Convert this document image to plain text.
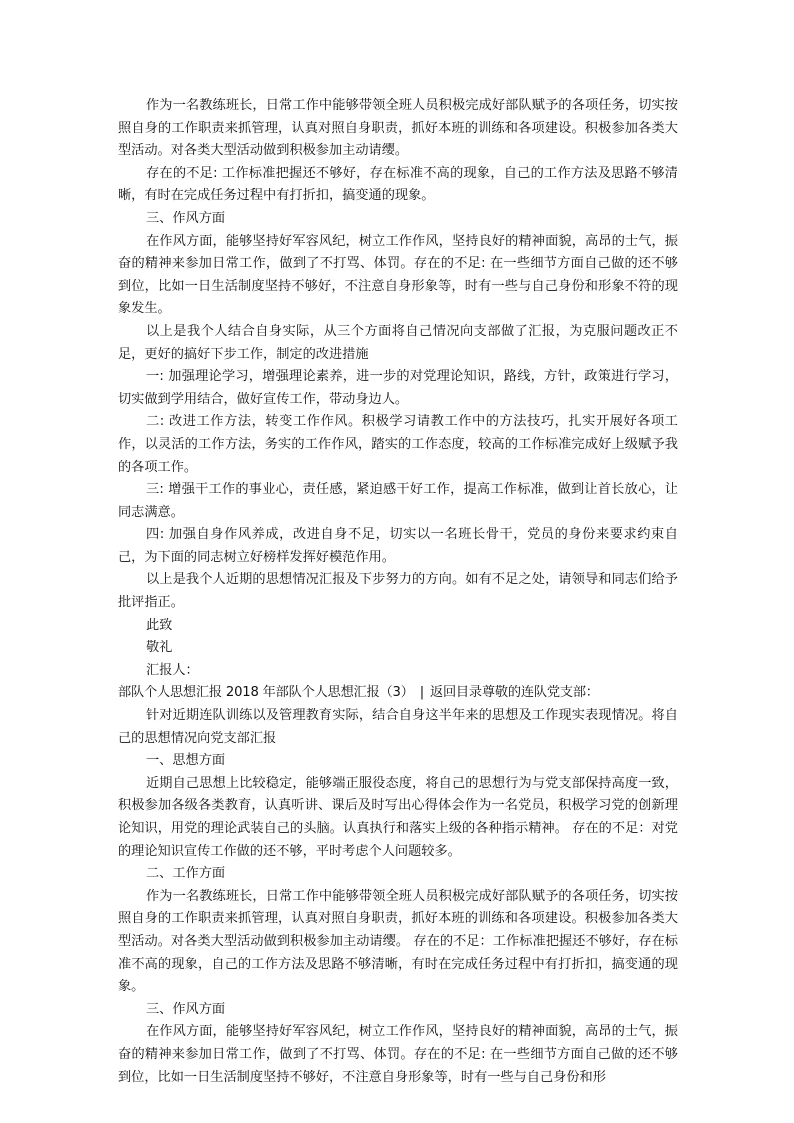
作为一名教练班长，日常工作中能够带领全班人员积极完成好部队赋予的各项任务，切实按照自身的工作职责来抓管理，认真对照自身职责，抓好本班的训练和各项建设。积极参加各类大型活动。对各类大型活动做到积极参加主动请缨。

存在的不足: 工作标准把握还不够好，存在标准不高的现象，自己的工作方法及思路不够清晰，有时在完成任务过程中有打折扣，搞变通的现象。

三、作风方面

在作风方面，能够坚持好军容风纪，树立工作作风，坚持良好的精神面貌，高昂的士气，振奋的精神来参加日常工作，做到了不打骂、体罚。存在的不足: 在一些细节方面自己做的还不够到位，比如一日生活制度坚持不够好，不注意自身形象等，时有一些与自己身份和形象不符的现象发生。

以上是我个人结合自身实际，从三个方面将自己情况向支部做了汇报，为克服问题改正不足，更好的搞好下步工作，制定的改进措施

一: 加强理论学习，增强理论素养，进一步的对党理论知识，路线，方针，政策进行学习，切实做到学用结合，做好宣传工作，带动身边人。

二: 改进工作方法，转变工作作风。积极学习请教工作中的方法技巧，扎实开展好各项工作，以灵活的工作方法，务实的工作作风，踏实的工作态度，较高的工作标准完成好上级赋予我的各项工作。

三: 增强干工作的事业心，责任感，紧迫感干好工作，提高工作标准，做到让首长放心，让同志满意。

四: 加强自身作风养成，改进自身不足，切实以一名班长骨干，党员的身份来要求约束自己，为下面的同志树立好榜样发挥好模范作用。

以上是我个人近期的思想情况汇报及下步努力的方向。如有不足之处，请领导和同志们给予批评指正。

此致

敬礼

汇报人：

部队个人思想汇报 2018 年部队个人思想汇报（3） | 返回目录尊敬的连队党支部：

针对近期连队训练以及管理教育实际，结合自身这半年来的思想及工作现实表现情况。将自己的思想情况向党支部汇报

一、思想方面

近期自己思想上比较稳定，能够端正服役态度，将自己的思想行为与党支部保持高度一致，积极参加各级各类教育，认真听讲、课后及时写出心得体会作为一名党员，积极学习党的创新理论知识，用党的理论武装自己的头脑。认真执行和落实上级的各种指示精神。 存在的不足：对党的理论知识宣传工作做的还不够，平时考虑个人问题较多。

二、工作方面

作为一名教练班长，日常工作中能够带领全班人员积极完成好部队赋予的各项任务，切实按照自身的工作职责来抓管理，认真对照自身职责，抓好本班的训练和各项建设。积极参加各类大型活动。对各类大型活动做到积极参加主动请缨。 存在的不足：工作标准把握还不够好，存在标准不高的现象，自己的工作方法及思路不够清晰，有时在完成任务过程中有打折扣，搞变通的现象。

三、作风方面

在作风方面，能够坚持好军容风纪，树立工作作风，坚持良好的精神面貌，高昂的士气，振奋的精神来参加日常工作，做到了不打骂、体罚。存在的不足: 在一些细节方面自己做的还不够到位，比如一日生活制度坚持不够好，不注意自身形象等，时有一些与自己身份和形
